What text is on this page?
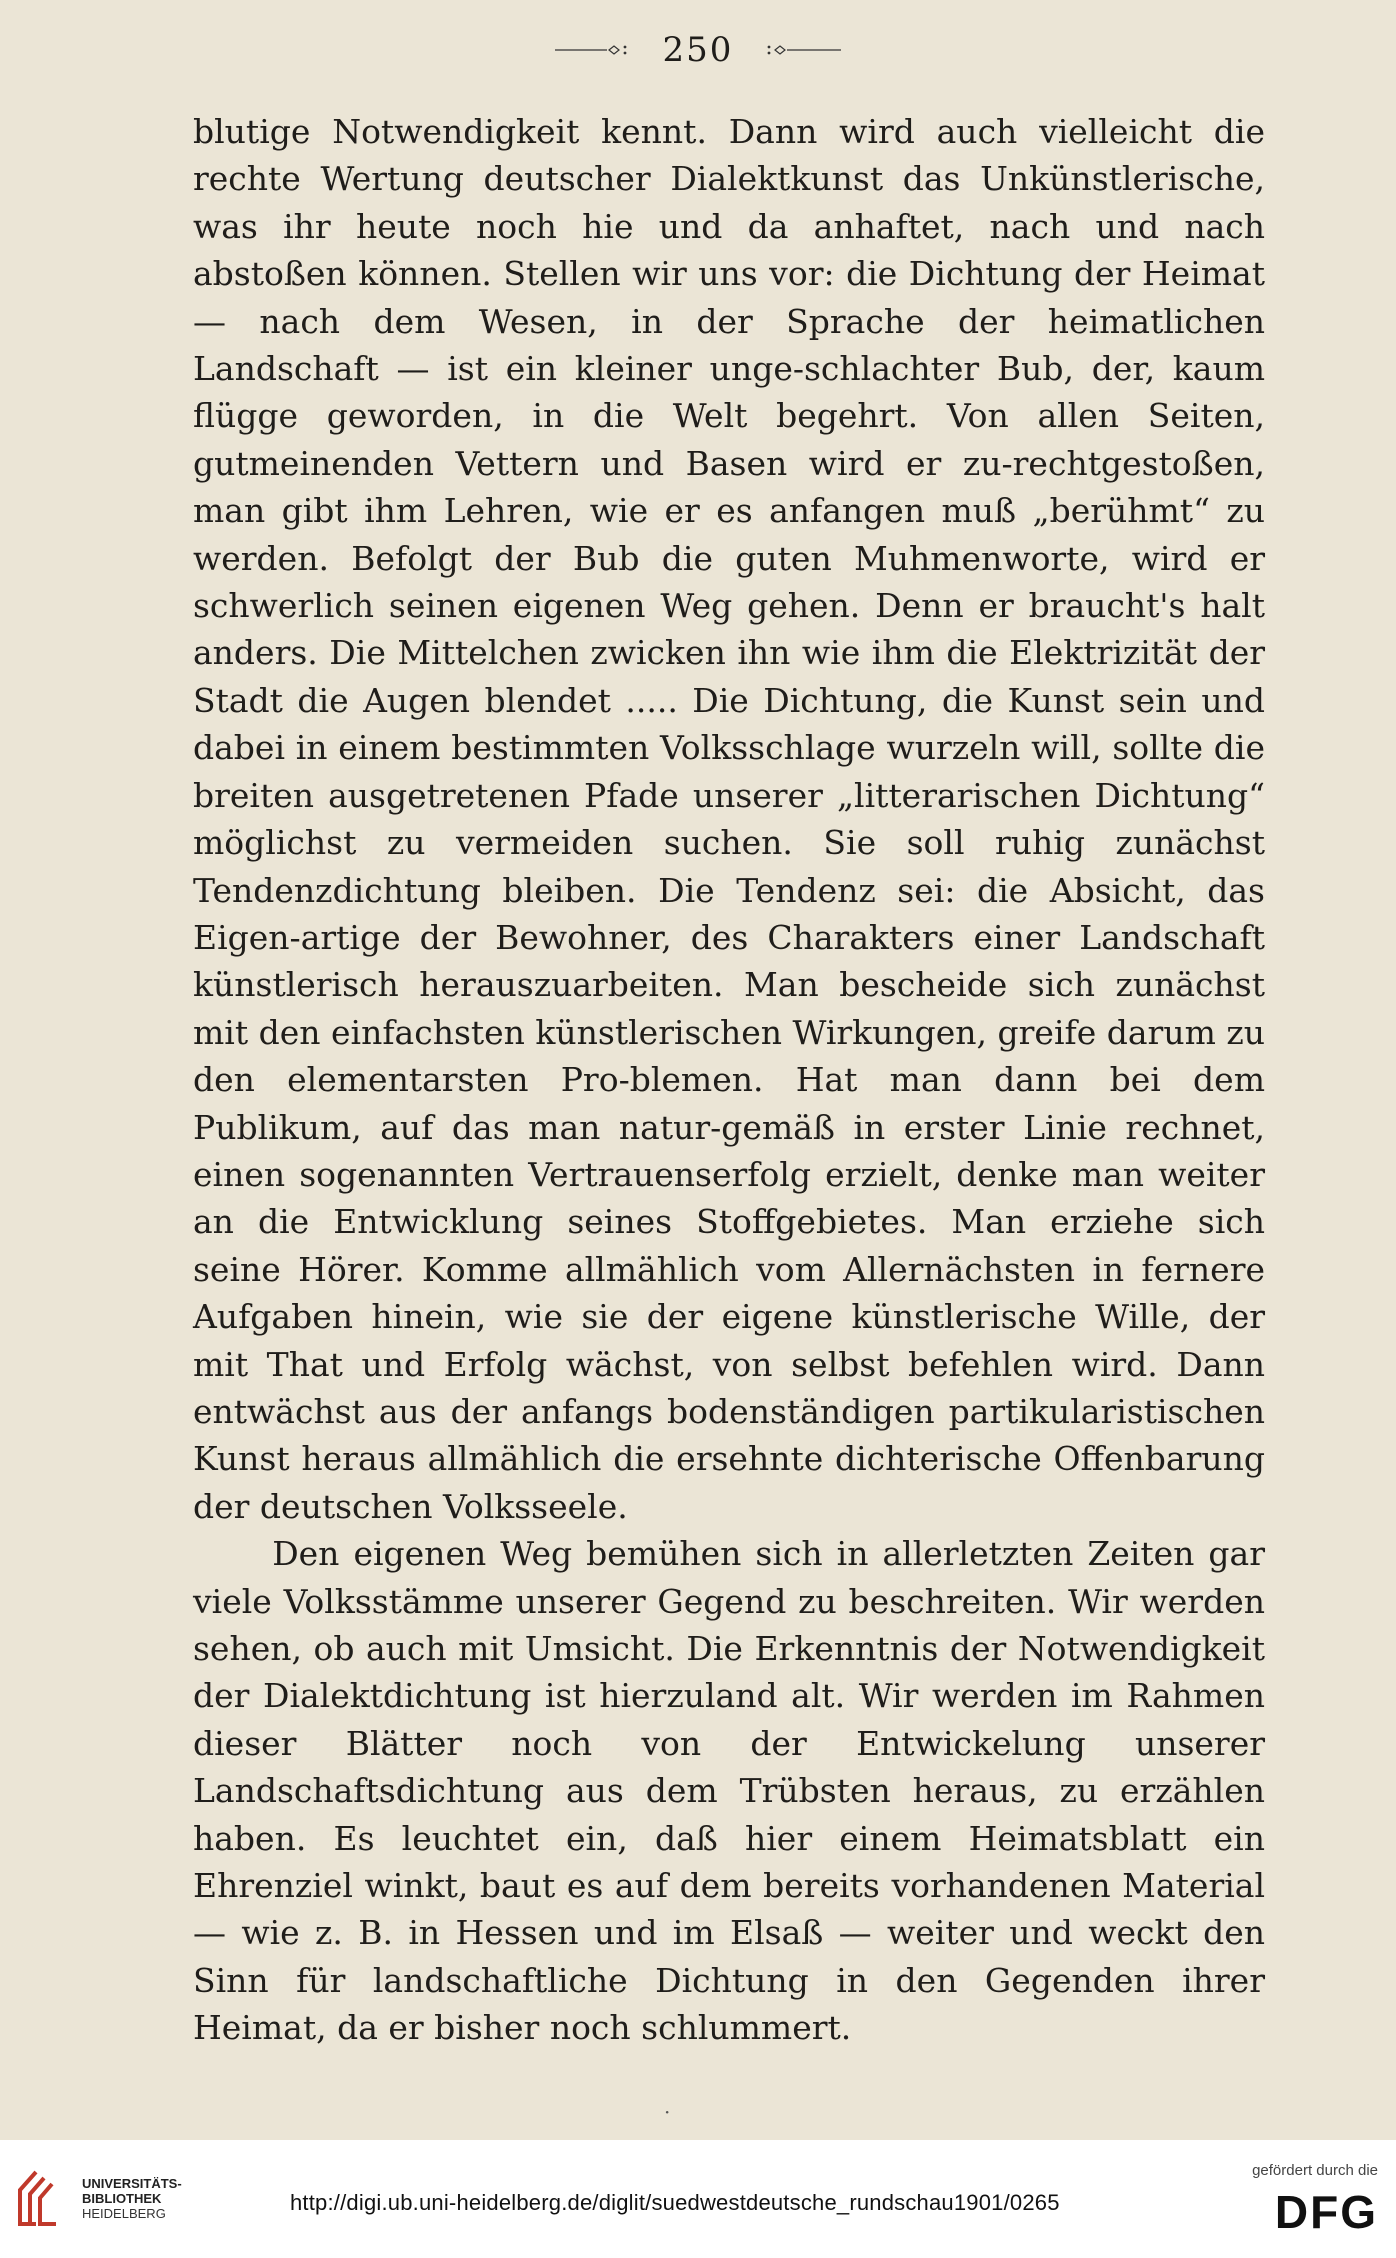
250

blutige Notwendigkeit kennt. Dann wird auch vielleicht die rechte Wertung deutscher Dialektkunst das Unkünstlerische, was ihr heute noch hie und da anhaftet, nach und nach abstoßen können. Stellen wir uns vor: die Dichtung der Heimat — nach dem Wesen, in der Sprache der heimatlichen Landschaft — ist ein kleiner unge-schlachter Bub, der, kaum flügge geworden, in die Welt begehrt. Von allen Seiten, gutmeinenden Vettern und Basen wird er zu-rechtgestoßen, man gibt ihm Lehren, wie er es anfangen muß „berühmt“ zu werden. Befolgt der Bub die guten Muhmenworte, wird er schwerlich seinen eigenen Weg gehen. Denn er braucht's halt anders. Die Mittelchen zwicken ihn wie ihm die Elektrizität der Stadt die Augen blendet ..... Die Dichtung, die Kunst sein und dabei in einem bestimmten Volksschlage wurzeln will, sollte die breiten ausgetretenen Pfade unserer „litterarischen Dichtung“ möglichst zu vermeiden suchen. Sie soll ruhig zunächst Tendenzdichtung bleiben. Die Tendenz sei: die Absicht, das Eigen-artige der Bewohner, des Charakters einer Landschaft künstlerisch herauszuarbeiten. Man bescheide sich zunächst mit den einfachsten künstlerischen Wirkungen, greife darum zu den elementarsten Pro-blemen. Hat man dann bei dem Publikum, auf das man natur-gemäß in erster Linie rechnet, einen sogenannten Vertrauenserfolg erzielt, denke man weiter an die Entwicklung seines Stoffgebietes. Man erziehe sich seine Hörer. Komme allmählich vom Allernächsten in fernere Aufgaben hinein, wie sie der eigene künstlerische Wille, der mit That und Erfolg wächst, von selbst befehlen wird. Dann entwächst aus der anfangs bodenständigen partikularistischen Kunst heraus allmählich die ersehnte dichterische Offenbarung der deutschen Volksseele.

Den eigenen Weg bemühen sich in allerletzten Zeiten gar viele Volksstämme unserer Gegend zu beschreiten. Wir werden sehen, ob auch mit Umsicht. Die Erkenntnis der Notwendigkeit der Dialektdichtung ist hierzuland alt. Wir werden im Rahmen dieser Blätter noch von der Entwickelung unserer Landschaftsdichtung aus dem Trübsten heraus, zu erzählen haben. Es leuchtet ein, daß hier einem Heimatsblatt ein Ehrenziel winkt, baut es auf dem bereits vorhandenen Material — wie z. B. in Hessen und im Elsaß — weiter und weckt den Sinn für landschaftliche Dichtung in den Gegenden ihrer Heimat, da er bisher noch schlummert.

·
UNIVERSITÄTS-
BIBLIOTHEK
HEIDELBERG	http://digi.ub.uni-heidelberg.de/diglit/suedwestdeutsche_rundschau1901/0265
gefördert durch die
DFG
